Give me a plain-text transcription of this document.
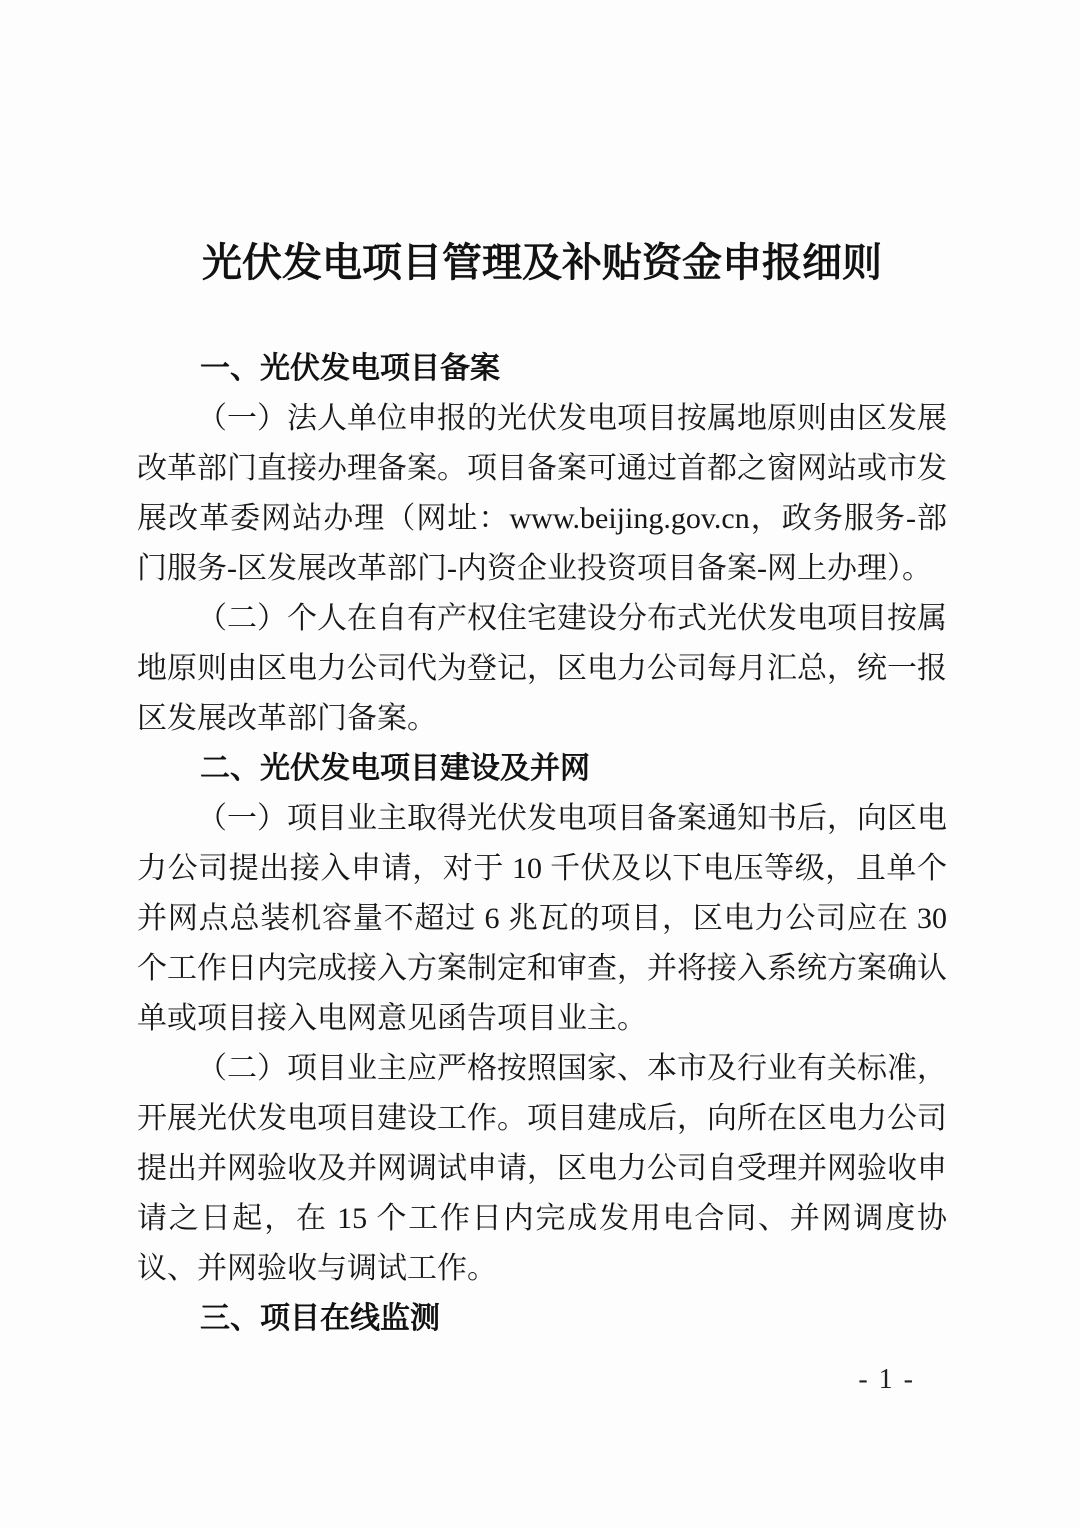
光伏发电项目管理及补贴资金申报细则
一、光伏发电项目备案

（一）法人单位申报的光伏发电项目按属地原则由区发展改革部门直接办理备案。项目备案可通过首都之窗网站或市发展改革委网站办理（网址：www.beijing.gov.cn，政务服务-部门服务-区发展改革部门-内资企业投资项目备案-网上办理）。

（二）个人在自有产权住宅建设分布式光伏发电项目按属地原则由区电力公司代为登记，区电力公司每月汇总，统一报区发展改革部门备案。

二、光伏发电项目建设及并网

（一）项目业主取得光伏发电项目备案通知书后，向区电力公司提出接入申请，对于 10 千伏及以下电压等级，且单个并网点总装机容量不超过 6 兆瓦的项目，区电力公司应在 30 个工作日内完成接入方案制定和审查，并将接入系统方案确认单或项目接入电网意见函告项目业主。

（二）项目业主应严格按照国家、本市及行业有关标准，开展光伏发电项目建设工作。项目建成后，向所在区电力公司提出并网验收及并网调试申请，区电力公司自受理并网验收申请之日起，在 15 个工作日内完成发用电合同、并网调度协议、并网验收与调试工作。

三、项目在线监测
- 1 -
